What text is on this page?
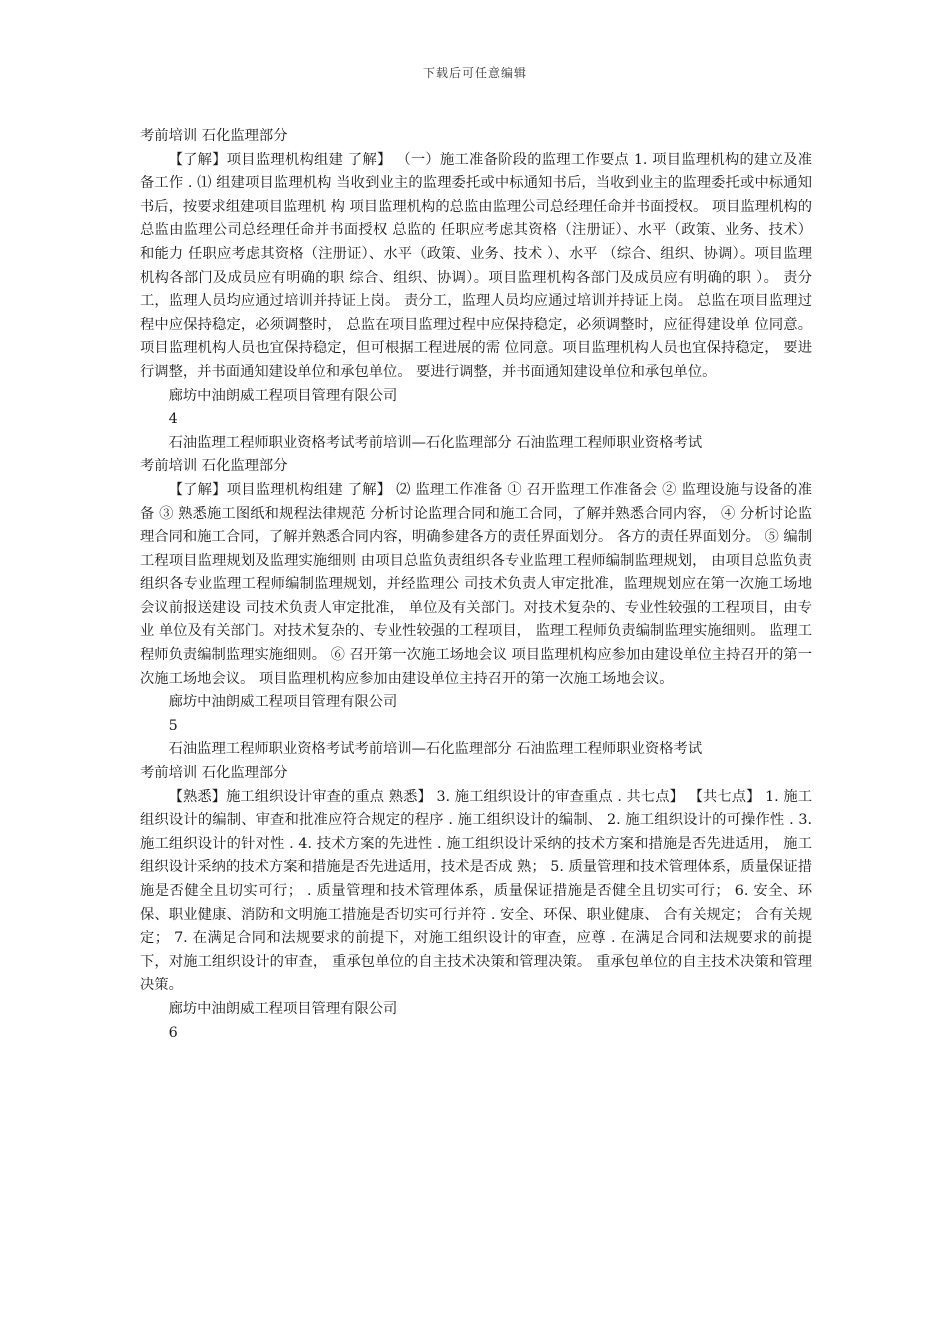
下载后可任意编辑

考前培训 石化监理部分

【了解】项目监理机构组建 了解】 （一）施工准备阶段的监理工作要点 1. 项目监理机构的建立及准备工作 . ⑴ 组建项目监理机构 当收到业主的监理委托或中标通知书后，当收到业主的监理委托或中标通知书后，按要求组建项目监理机 构 项目监理机构的总监由监理公司总经理任命并书面授权。 项目监理机构的总监由监理公司总经理任命并书面授权 总监的 任职应考虑其资格（注册证）、水平（政策、业务、技术）和能力 任职应考虑其资格（注册证）、水平（政策、业务、技术 ）、水平 （综合、组织、协调）。项目监理机构各部门及成员应有明确的职 综合、组织、协调）。项目监理机构各部门及成员应有明确的职 ）。 责分工，监理人员均应通过培训并持证上岗。 责分工，监理人员均应通过培训并持证上岗。 总监在项目监理过程中应保持稳定，必须调整时， 总监在项目监理过程中应保持稳定，必须调整时，应征得建设单 位同意。项目监理机构人员也宜保持稳定，但可根据工程进展的需 位同意。项目监理机构人员也宜保持稳定， 要进行调整，并书面通知建设单位和承包单位。 要进行调整，并书面通知建设单位和承包单位。

廊坊中油朗威工程项目管理有限公司

4

石油监理工程师职业资格考试考前培训—石化监理部分 石油监理工程师职业资格考试

考前培训 石化监理部分

【了解】项目监理机构组建 了解】 ⑵ 监理工作准备 ① 召开监理工作准备会 ② 监理设施与设备的准备 ③ 熟悉施工图纸和规程法律规范 分析讨论监理合同和施工合同，了解并熟悉合同内容， ④ 分析讨论监理合同和施工合同，了解并熟悉合同内容，明确参建各方的责任界面划分。 各方的责任界面划分。 ⑤ 编制工程项目监理规划及监理实施细则 由项目总监负责组织各专业监理工程师编制监理规划， 由项目总监负责组织各专业监理工程师编制监理规划，并经监理公 司技术负责人审定批准，监理规划应在第一次施工场地会议前报送建设 司技术负责人审定批准， 单位及有关部门。对技术复杂的、专业性较强的工程项目，由专业 单位及有关部门。对技术复杂的、专业性较强的工程项目， 监理工程师负责编制监理实施细则。 监理工程师负责编制监理实施细则。 ⑥ 召开第一次施工场地会议 项目监理机构应参加由建设单位主持召开的第一次施工场地会议。 项目监理机构应参加由建设单位主持召开的第一次施工场地会议。

廊坊中油朗威工程项目管理有限公司

5

石油监理工程师职业资格考试考前培训—石化监理部分 石油监理工程师职业资格考试

考前培训 石化监理部分

【熟悉】施工组织设计审查的重点 熟悉】 3. 施工组织设计的审查重点 . 共七点】 【共七点】 1. 施工组织设计的编制、审查和批准应符合规定的程序 . 施工组织设计的编制、 2. 施工组织设计的可操作性 . 3. 施工组织设计的针对性 . 4. 技术方案的先进性 . 施工组织设计采纳的技术方案和措施是否先进适用， 施工组织设计采纳的技术方案和措施是否先进适用，技术是否成 熟； 5. 质量管理和技术管理体系，质量保证措施是否健全且切实可行； . 质量管理和技术管理体系，质量保证措施是否健全且切实可行； 6. 安全、环保、职业健康、消防和文明施工措施是否切实可行并符 . 安全、环保、职业健康、 合有关规定； 合有关规定； 7. 在满足合同和法规要求的前提下，对施工组织设计的审查，应尊 . 在满足合同和法规要求的前提下，对施工组织设计的审查， 重承包单位的自主技术决策和管理决策。 重承包单位的自主技术决策和管理决策。

廊坊中油朗威工程项目管理有限公司

6
